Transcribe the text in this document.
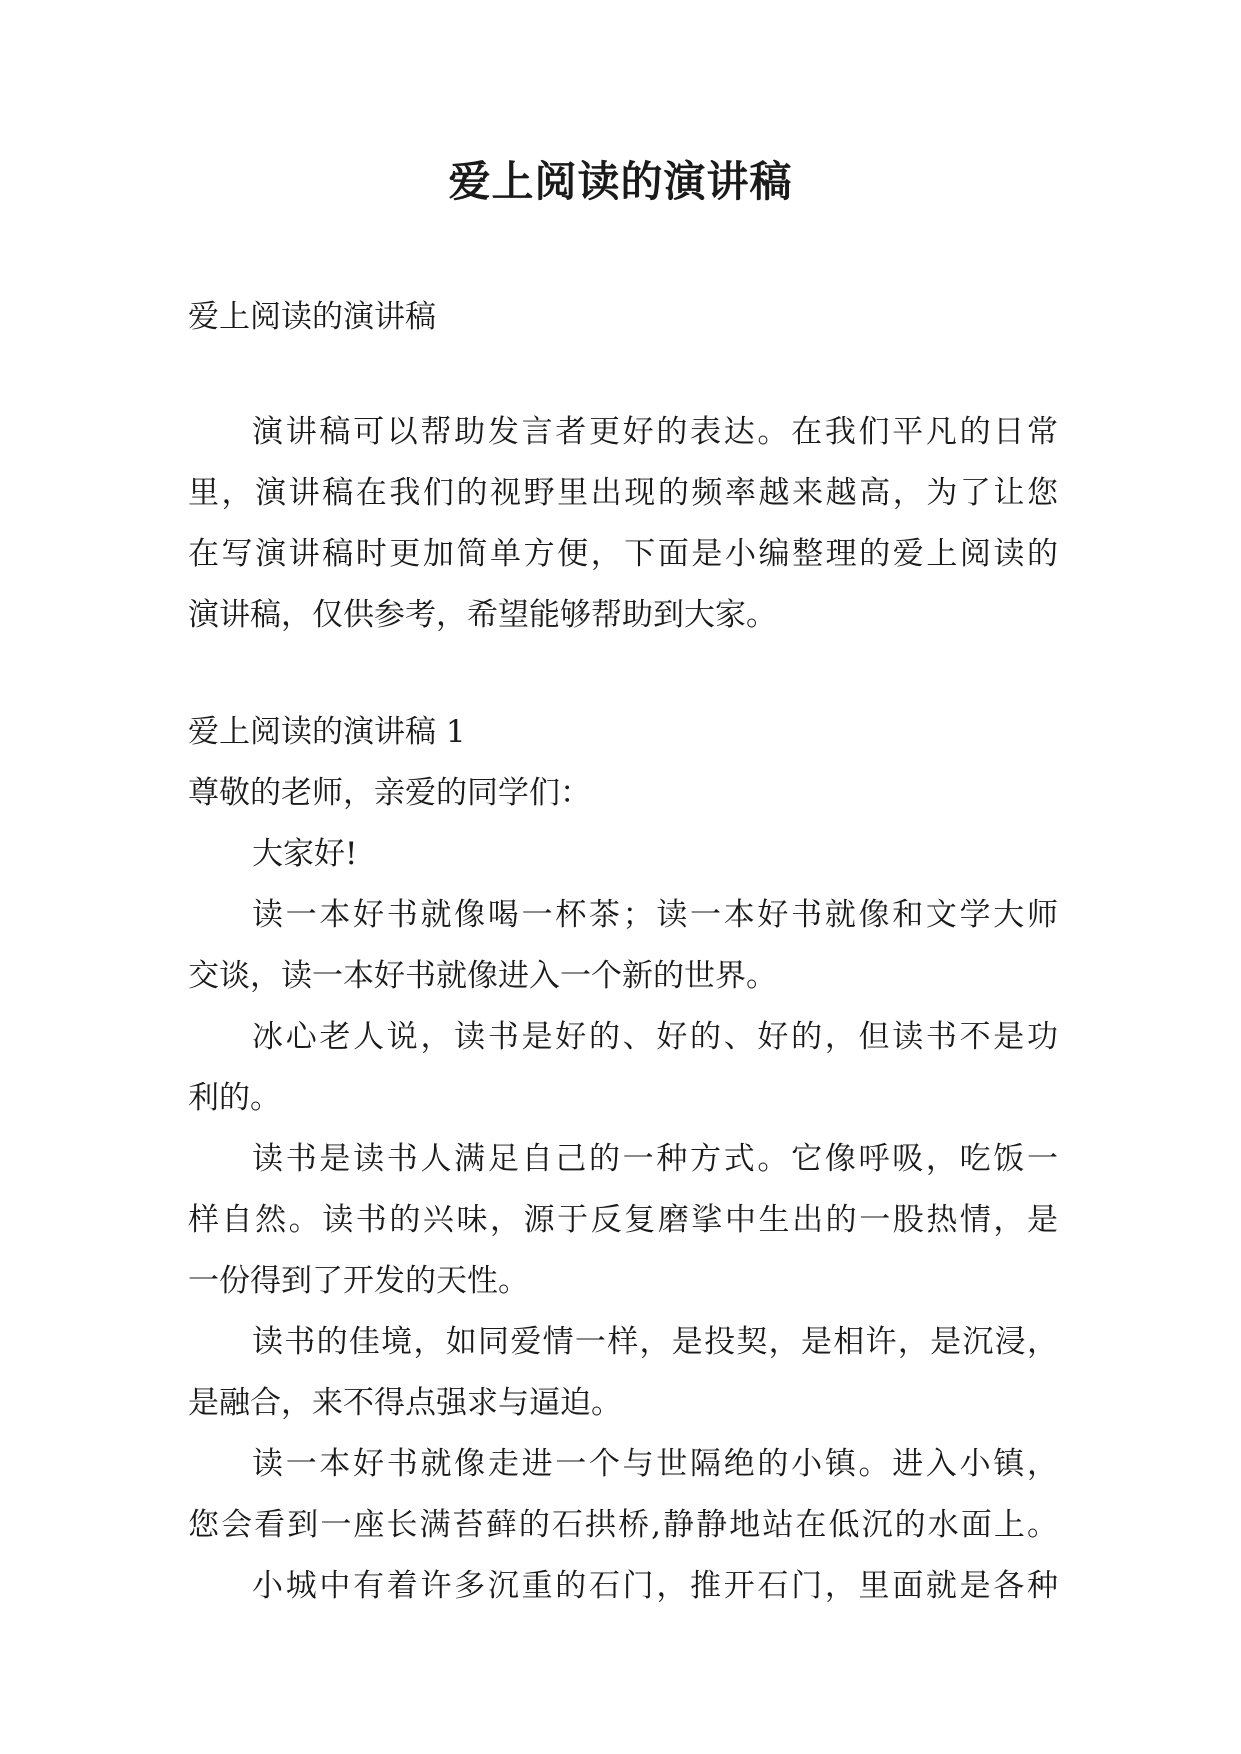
爱上阅读的演讲稿
爱上阅读的演讲稿
演讲稿可以帮助发言者更好的表达。在我们平凡的日常
里，演讲稿在我们的视野里出现的频率越来越高，为了让您
在写演讲稿时更加简单方便，下面是小编整理的爱上阅读的
演讲稿，仅供参考，希望能够帮助到大家。
爱上阅读的演讲稿 1
尊敬的老师，亲爱的同学们：
大家好!
读一本好书就像喝一杯茶；读一本好书就像和文学大师
交谈，读一本好书就像进入一个新的世界。
冰心老人说，读书是好的、好的、好的，但读书不是功
利的。
读书是读书人满足自己的一种方式。它像呼吸，吃饭一
样自然。读书的兴味，源于反复磨挲中生出的一股热情，是
一份得到了开发的天性。
读书的佳境，如同爱情一样，是投契，是相许，是沉浸，
是融合，来不得点强求与逼迫。
读一本好书就像走进一个与世隔绝的小镇。进入小镇，
您会看到一座长满苔藓的石拱桥,静静地站在低沉的水面上。
小城中有着许多沉重的石门，推开石门，里面就是各种
